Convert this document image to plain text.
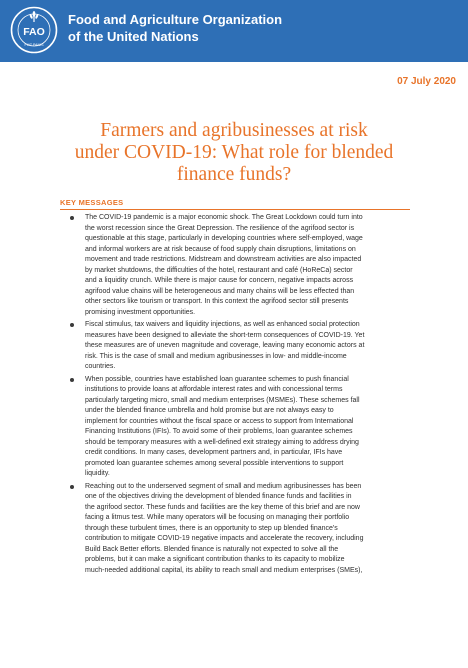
FAO
FIAT PANIS
Food and Agriculture Organization
of the United Nations
07 July 2020
Farmers and agribusinesses at risk
under COVID-19: What role for blended
finance funds?
KEY MESSAGES
The COVID-19 pandemic is a major economic shock. The Great Lockdown could turn into
the worst recession since the Great Depression. The resilience of the agrifood sector is
questionable at this stage, particularly in developing countries where self-employed, wage
and informal workers are at risk because of food supply chain disruptions, limitations on
movement and trade restrictions. Midstream and downstream activities are also impacted
by market shutdowns, the difficulties of the hotel, restaurant and café (HoReCa) sector
and a liquidity crunch. While there is major cause for concern, negative impacts across
agrifood value chains will be heterogeneous and many chains will be less effected than
other sectors like tourism or transport. In this context the agrifood sector still presents
promising investment opportunities.
Fiscal stimulus, tax waivers and liquidity injections, as well as enhanced social protection
measures have been designed to alleviate the short-term consequences of COVID-19. Yet
these measures are of uneven magnitude and coverage, leaving many economic actors at
risk. This is the case of small and medium agribusinesses in low- and middle-income
countries.
When possible, countries have established loan guarantee schemes to push financial
institutions to provide loans at affordable interest rates and with concessional terms
particularly targeting micro, small and medium enterprises (MSMEs). These schemes fall
under the blended finance umbrella and hold promise but are not always easy to
implement for countries without the fiscal space or access to support from International
Financing Institutions (IFIs). To avoid some of their problems, loan guarantee schemes
should be temporary measures with a well-defined exit strategy aiming to address drying
credit conditions. In many cases, development partners and, in particular, IFIs have
promoted loan guarantee schemes among several possible interventions to support
liquidity.
Reaching out to the underserved segment of small and medium agribusinesses has been
one of the objectives driving the development of blended finance funds and facilities in
the agrifood sector. These funds and facilities are the key theme of this brief and are now
facing a litmus test. While many operators will be focusing on managing their portfolio
through these turbulent times, there is an opportunity to step up blended finance's
contribution to mitigate COVID-19 negative impacts and accelerate the recovery, including
Build Back Better efforts. Blended finance is naturally not expected to solve all the
problems, but it can make a significant contribution thanks to its capacity to mobilize
much-needed additional capital, its ability to reach small and medium enterprises (SMEs),
